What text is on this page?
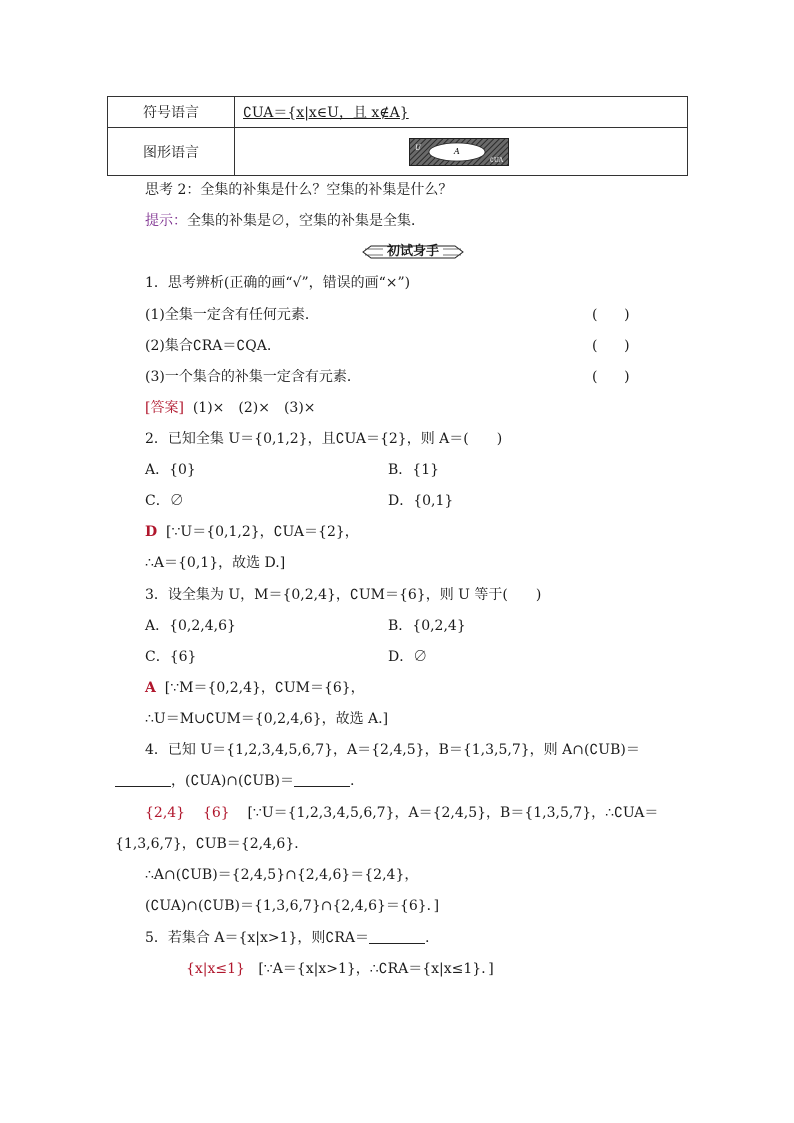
符号语言	∁UA＝{x|x∈U，且 x∉A}
图形语言	U A
∁UA
思考 2：全集的补集是什么？空集的补集是什么？
提示：全集的补集是∅，空集的补集是全集．
初试身手
1．思考辨析(正确的画“√”，错误的画“×”)
(1)全集一定含有任何元素．	(      )
(2)集合∁RA＝∁QA.	(      )
(3)一个集合的补集一定含有元素．	(      )
[答案] (1)×　(2)×　(3)×
2．已知全集 U＝{0,1,2}，且∁UA＝{2}，则 A＝(　　)
A．{0}	B．{1}
C．∅	D．{0,1}
D [∵U＝{0,1,2}，∁UA＝{2}，
∴A＝{0,1}，故选 D.]
3．设全集为 U，M＝{0,2,4}，∁UM＝{6}，则 U 等于(　　)
A．{0,2,4,6}	B．{0,2,4}
C．{6}	D．∅
A [∵M＝{0,2,4}，∁UM＝{6}，
∴U＝M∪∁UM＝{0,2,4,6}，故选 A.]
4．已知 U＝{1,2,3,4,5,6,7}，A＝{2,4,5}，B＝{1,3,5,7}，则 A∩(∁UB)＝
，(∁UA)∩(∁UB)＝	.
{2,4} {6} [∵U＝{1,2,3,4,5,6,7}，A＝{2,4,5}，B＝{1,3,5,7}，∴∁UA＝
{1,3,6,7}，∁UB＝{2,4,6}．
∴A∩(∁UB)＝{2,4,5}∩{2,4,6}＝{2,4}，
(∁UA)∩(∁UB)＝{1,3,6,7}∩{2,4,6}＝{6}．]
5．若集合 A＝{x|x>1}，则∁RA＝	.
{x|x≤1} [∵A＝{x|x>1}，∴∁RA＝{x|x≤1}．]
